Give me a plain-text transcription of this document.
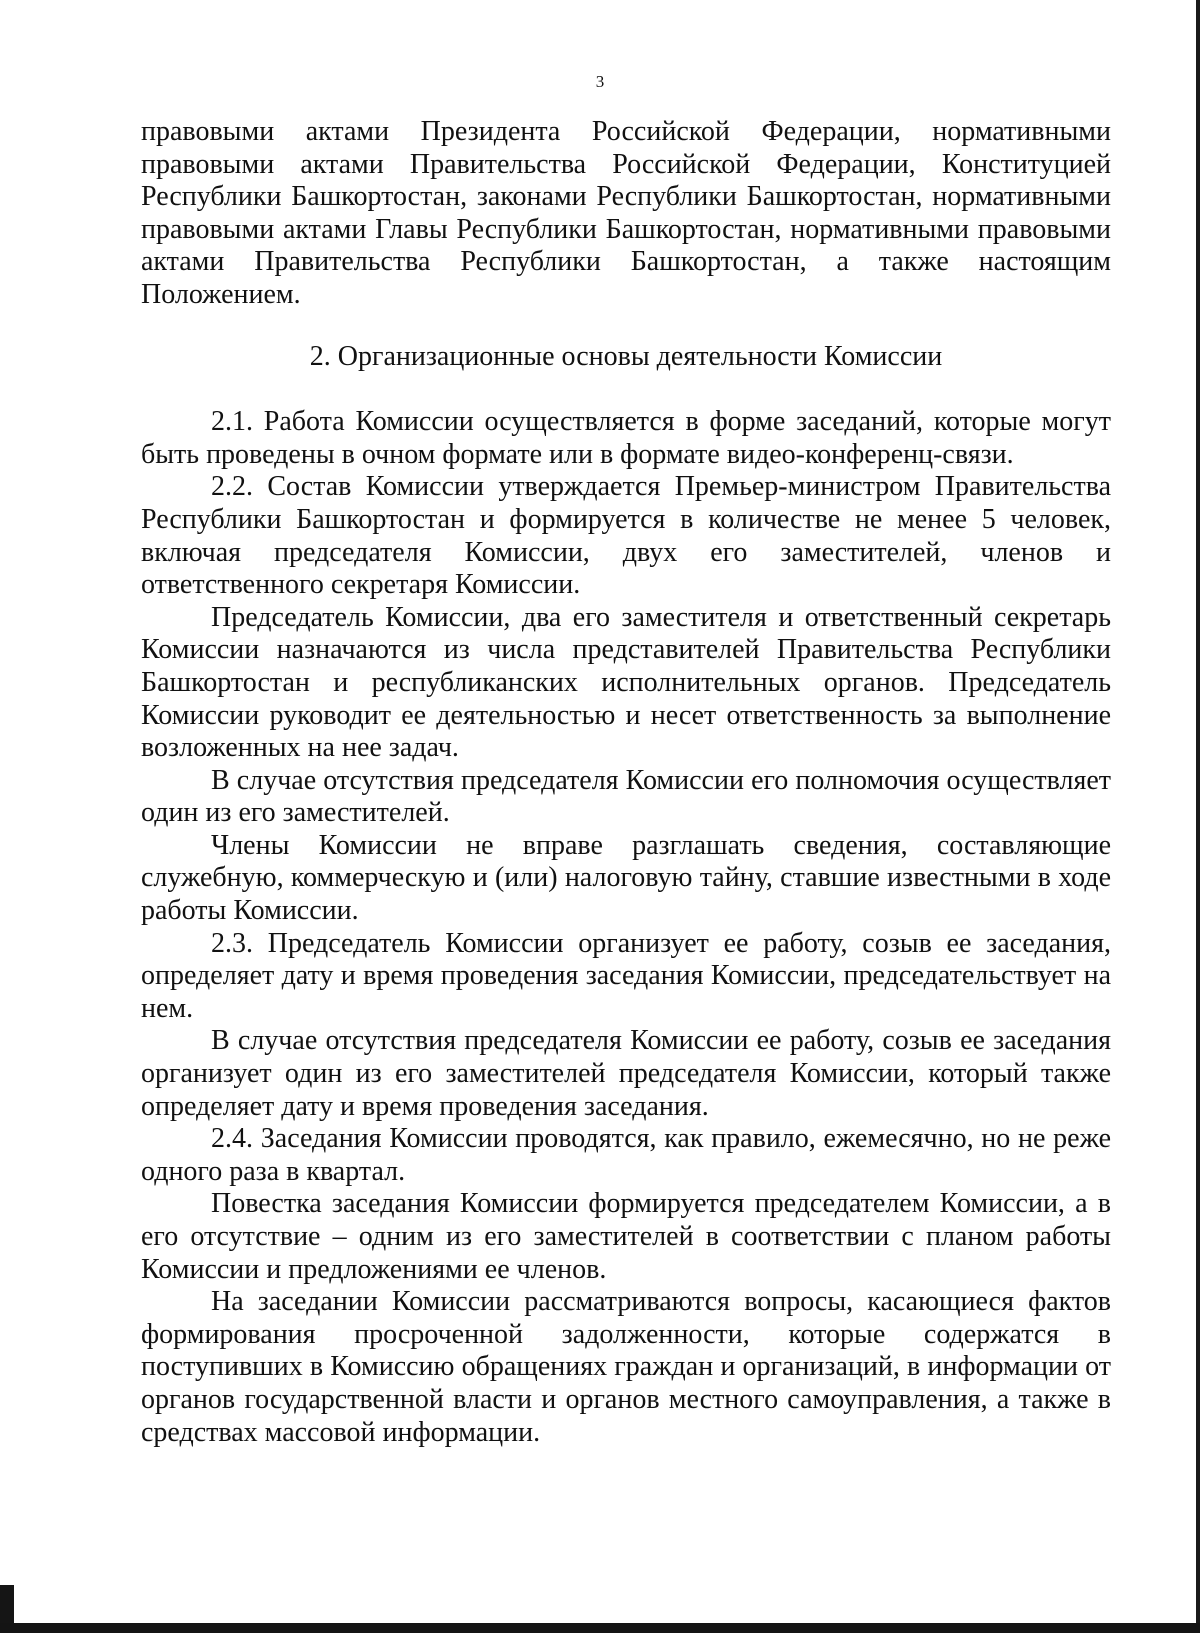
3

правовыми актами Президента Российской Федерации, нормативными правовыми актами Правительства Российской Федерации, Конституцией Республики Башкортостан, законами Республики Башкортостан, нормативными правовыми актами Главы Республики Башкортостан, нормативными правовыми актами Правительства Республики Башкортостан, а также настоящим Положением.

2. Организационные основы деятельности Комиссии

2.1. Работа Комиссии осуществляется в форме заседаний, которые могут быть проведены в очном формате или в формате видео-конференц-связи.

2.2. Состав Комиссии утверждается Премьер-министром Правительства Республики Башкортостан и формируется в количестве не менее 5 человек, включая председателя Комиссии, двух его заместителей, членов и ответственного секретаря Комиссии.

Председатель Комиссии, два его заместителя и ответственный секретарь Комиссии назначаются из числа представителей Правительства Республики Башкортостан и республиканских исполнительных органов. Председатель Комиссии руководит ее деятельностью и несет ответственность за выполнение возложенных на нее задач.

В случае отсутствия председателя Комиссии его полномочия осуществляет один из его заместителей.

Члены Комиссии не вправе разглашать сведения, составляющие служебную, коммерческую и (или) налоговую тайну, ставшие известными в ходе работы Комиссии.

2.3. Председатель Комиссии организует ее работу, созыв ее заседания, определяет дату и время проведения заседания Комиссии, председательствует на нем.

В случае отсутствия председателя Комиссии ее работу, созыв ее заседания организует один из его заместителей председателя Комиссии, который также определяет дату и время проведения заседания.

2.4. Заседания Комиссии проводятся, как правило, ежемесячно, но не реже одного раза в квартал.

Повестка заседания Комиссии формируется председателем Комиссии, а в его отсутствие – одним из его заместителей в соответствии с планом работы Комиссии и предложениями ее членов.

На заседании Комиссии рассматриваются вопросы, касающиеся фактов формирования просроченной задолженности, которые содержатся в поступивших в Комиссию обращениях граждан и организаций, в информации от органов государственной власти и органов местного самоуправления, а также в средствах массовой информации.
